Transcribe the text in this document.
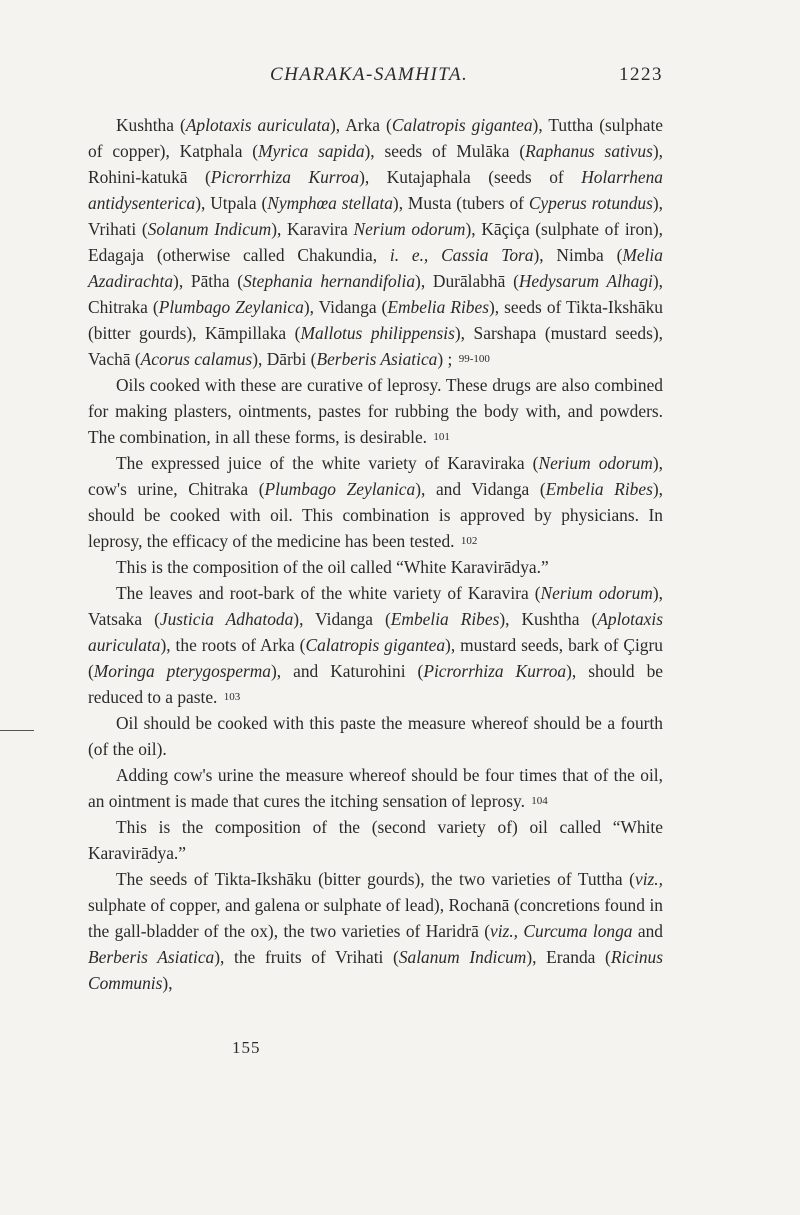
CHARAKA-SAMHITA.	1223

Kushtha (Aplotaxis auriculata), Arka (Calatropis gigantea), Tuttha (sulphate of copper), Katphala (Myrica sapida), seeds of Mulāka (Raphanus sativus), Rohini-katukā (Picrorrhiza Kurroa), Kutajaphala (seeds of Holarrhena antidysenterica), Utpala (Nymphœa stellata), Musta (tubers of Cyperus rotundus), Vrihati (Solanum Indicum), Karavira Nerium odorum), Kāçiça (sulphate of iron), Edagaja (otherwise called Chakundia, i. e., Cassia Tora), Nimba (Melia Azadirachta), Pātha (Stephania hernandifolia), Durālabhā (Hedysarum Alhagi), Chitraka (Plumbago Zeylanica), Vidanga (Embelia Ribes), seeds of Tikta-Ikshāku (bitter gourds), Kāmpillaka (Mallotus philippensis), Sarshapa (mustard seeds), Vachā (Acorus calamus), Dārbi (Berberis Asiatica) ; 99-100

Oils cooked with these are curative of leprosy. These drugs are also combined for making plasters, ointments, pastes for rubbing the body with, and powders. The combination, in all these forms, is desirable. 101

The expressed juice of the white variety of Karaviraka (Nerium odorum), cow's urine, Chitraka (Plumbago Zeylanica), and Vidanga (Embelia Ribes), should be cooked with oil. This combination is approved by physicians. In leprosy, the efficacy of the medicine has been tested. 102

This is the composition of the oil called “White Karavirādya.”

The leaves and root-bark of the white variety of Karavira (Nerium odorum), Vatsaka (Justicia Adhatoda), Vidanga (Embelia Ribes), Kushtha (Aplotaxis auriculata), the roots of Arka (Calatropis gigantea), mustard seeds, bark of Çigru (Moringa pterygosperma), and Katurohini (Picrorrhiza Kurroa), should be reduced to a paste. 103

Oil should be cooked with this paste the measure whereof should be a fourth (of the oil).

Adding cow's urine the measure whereof should be four times that of the oil, an ointment is made that cures the itching sensation of leprosy. 104

This is the composition of the (second variety of) oil called “White Karavirādya.”

The seeds of Tikta-Ikshāku (bitter gourds), the two varieties of Tuttha (viz., sulphate of copper, and galena or sulphate of lead), Rochanā (concretions found in the gall-bladder of the ox), the two varieties of Haridrā (viz., Curcuma longa and Berberis Asiatica), the fruits of Vrihati (Salanum Indicum), Eranda (Ricinus Communis),

155
